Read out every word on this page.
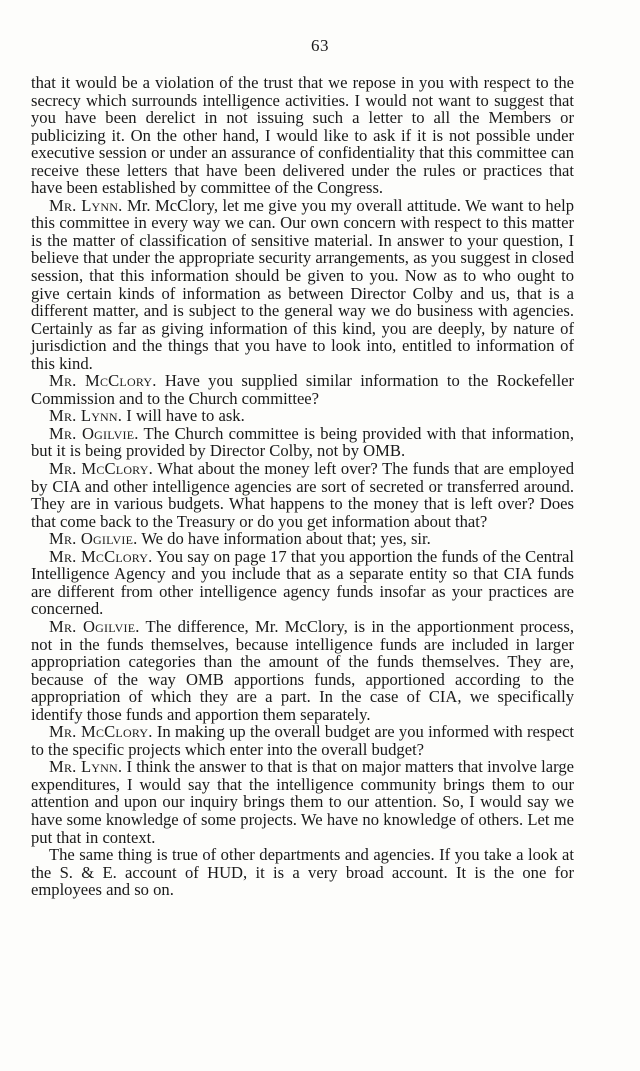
63

that it would be a violation of the trust that we repose in you with respect to the secrecy which surrounds intelligence activities. I would not want to suggest that you have been derelict in not issuing such a letter to all the Members or publicizing it. On the other hand, I would like to ask if it is not possible under executive session or under an assurance of confidentiality that this committee can receive these letters that have been delivered under the rules or practices that have been established by committee of the Congress.

Mr. Lynn. Mr. McClory, let me give you my overall attitude. We want to help this committee in every way we can. Our own concern with respect to this matter is the matter of classification of sensitive material. In answer to your question, I believe that under the appropriate security arrangements, as you suggest in closed session, that this information should be given to you. Now as to who ought to give certain kinds of information as between Director Colby and us, that is a different matter, and is subject to the general way we do business with agencies. Certainly as far as giving information of this kind, you are deeply, by nature of jurisdiction and the things that you have to look into, entitled to information of this kind.

Mr. McClory. Have you supplied similar information to the Rockefeller Commission and to the Church committee?

Mr. Lynn. I will have to ask.

Mr. Ogilvie. The Church committee is being provided with that information, but it is being provided by Director Colby, not by OMB.

Mr. McClory. What about the money left over? The funds that are employed by CIA and other intelligence agencies are sort of secreted or transferred around. They are in various budgets. What happens to the money that is left over? Does that come back to the Treasury or do you get information about that?

Mr. Ogilvie. We do have information about that; yes, sir.

Mr. McClory. You say on page 17 that you apportion the funds of the Central Intelligence Agency and you include that as a separate entity so that CIA funds are different from other intelligence agency funds insofar as your practices are concerned.

Mr. Ogilvie. The difference, Mr. McClory, is in the apportionment process, not in the funds themselves, because intelligence funds are included in larger appropriation categories than the amount of the funds themselves. They are, because of the way OMB apportions funds, apportioned according to the appropriation of which they are a part. In the case of CIA, we specifically identify those funds and apportion them separately.

Mr. McClory. In making up the overall budget are you informed with respect to the specific projects which enter into the overall budget?

Mr. Lynn. I think the answer to that is that on major matters that involve large expenditures, I would say that the intelligence community brings them to our attention and upon our inquiry brings them to our attention. So, I would say we have some knowledge of some projects. We have no knowledge of others. Let me put that in context.

The same thing is true of other departments and agencies. If you take a look at the S. & E. account of HUD, it is a very broad account. It is the one for employees and so on.
